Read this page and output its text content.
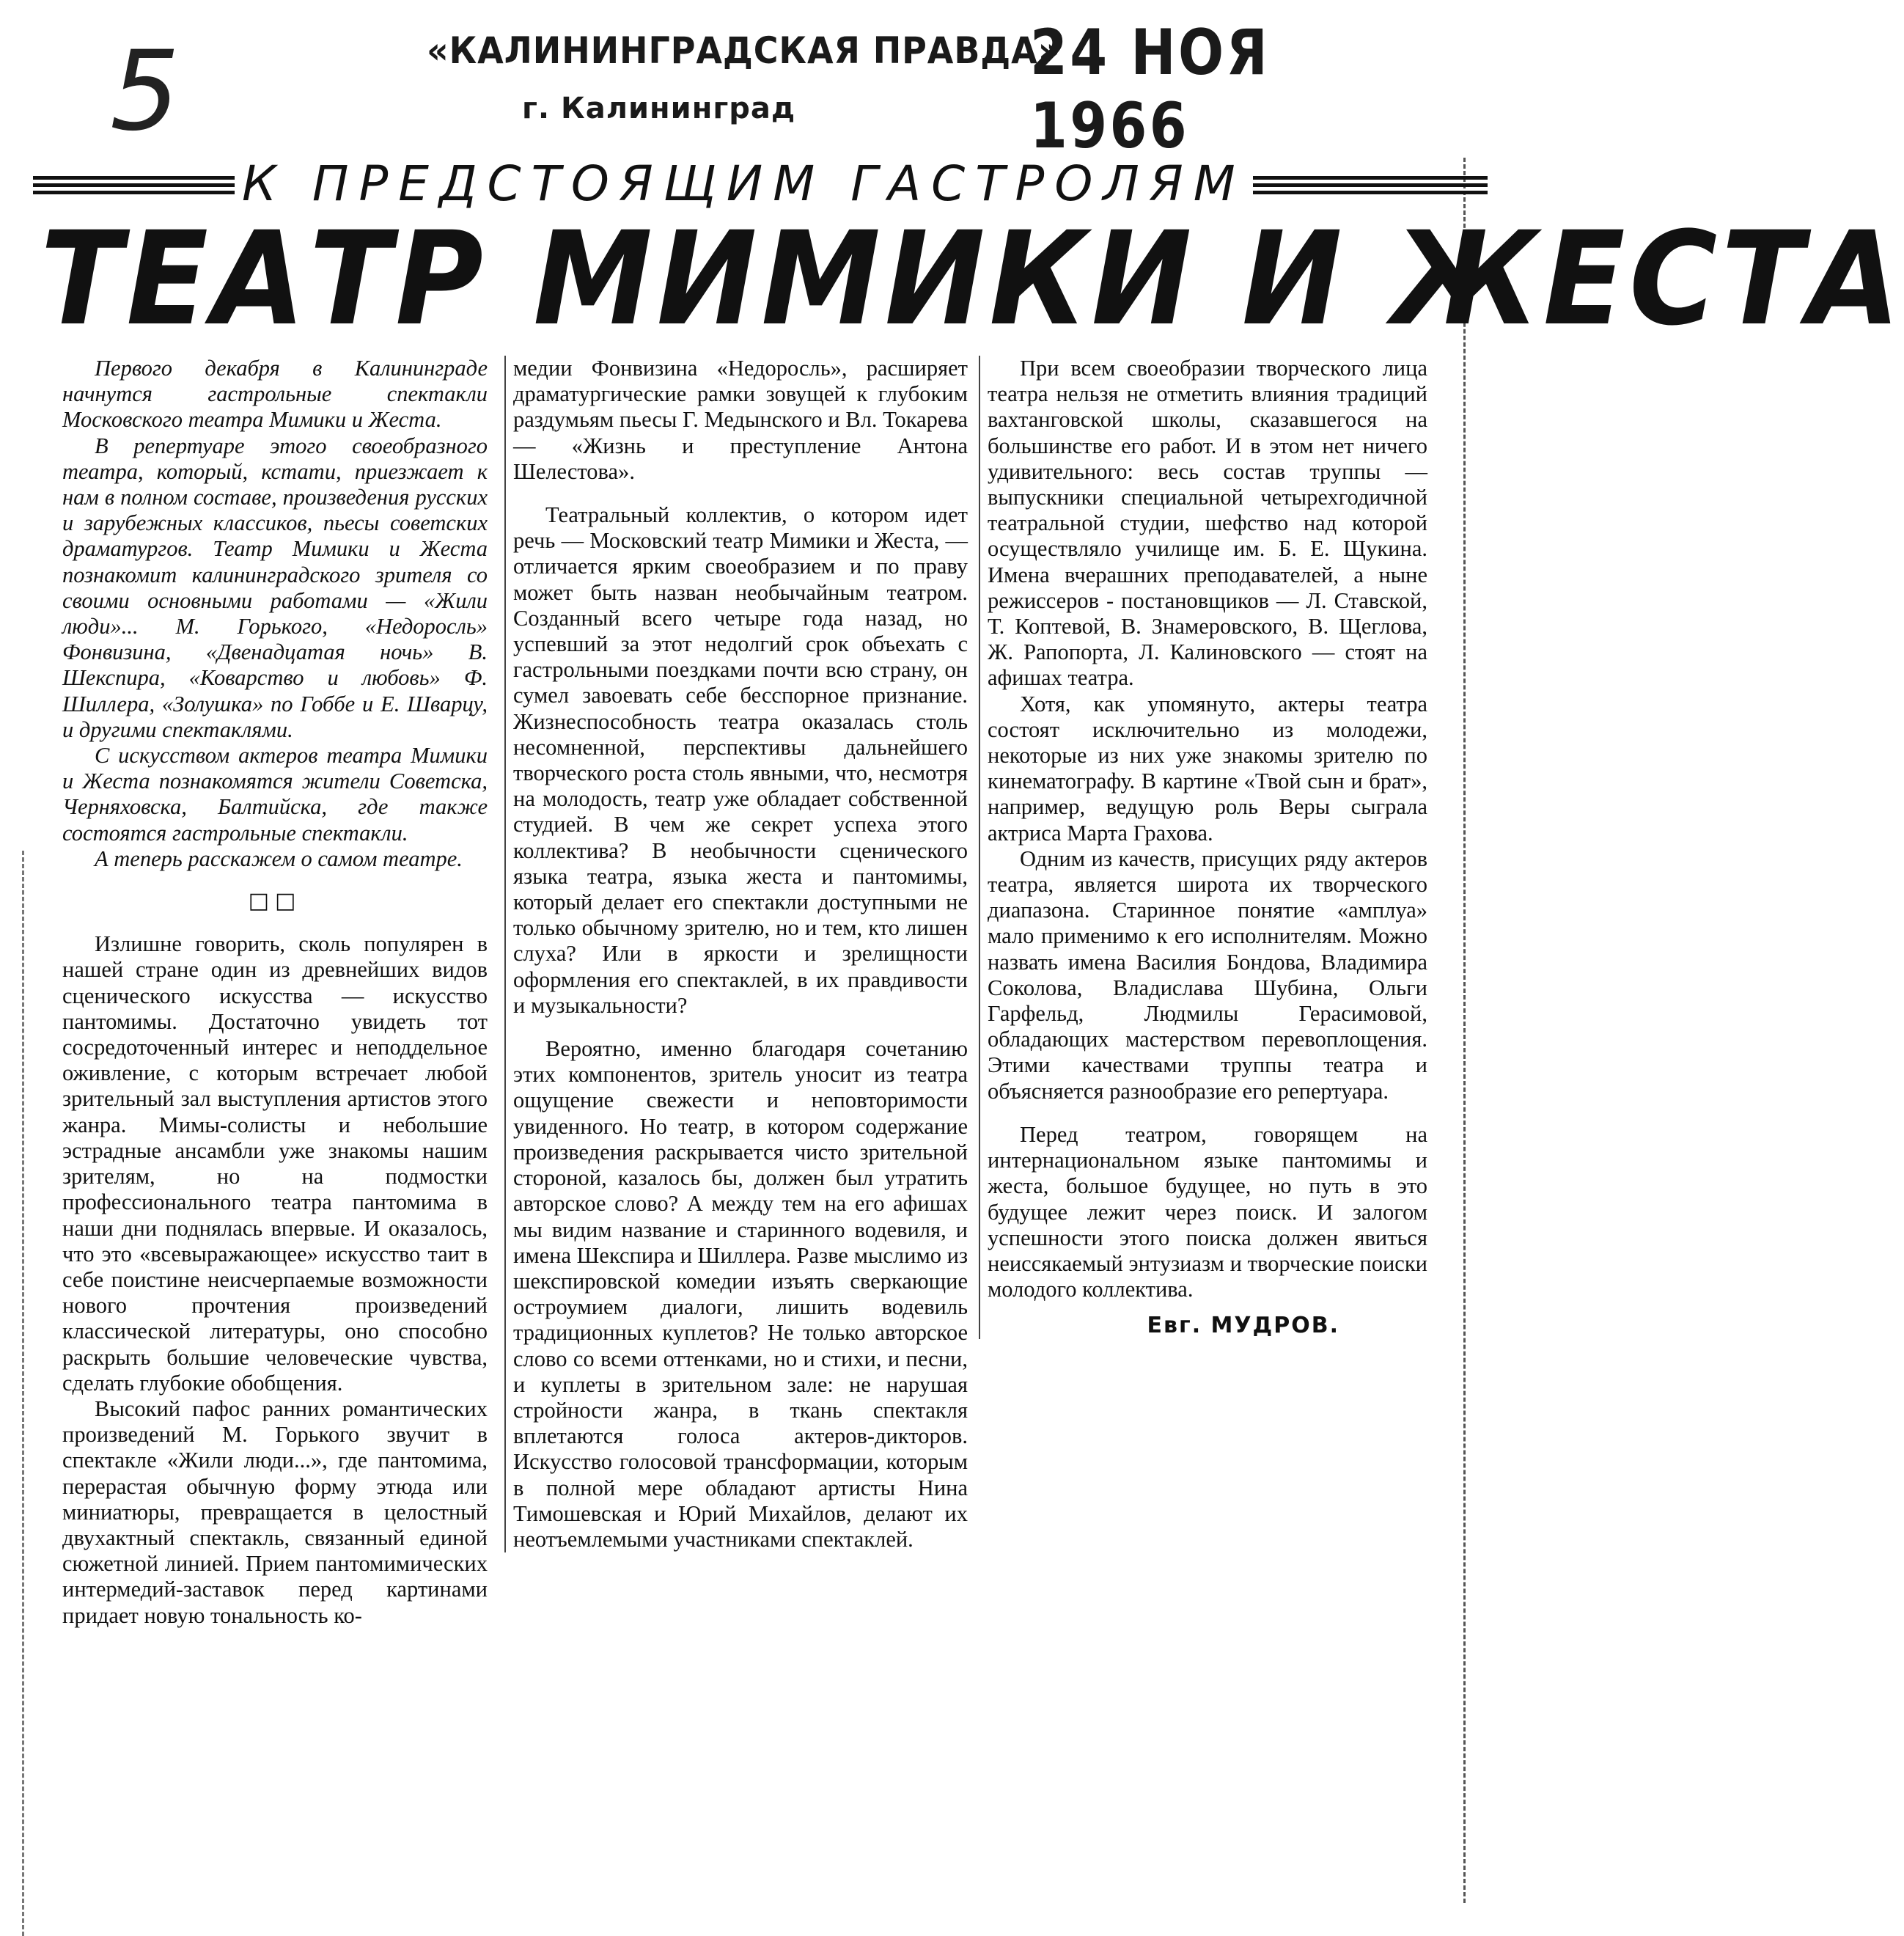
5	«КАЛИНИНГРАДСКАЯ ПРАВДА»
г. Калининград
24 НОЯ 1966
К ПРЕДСТОЯЩИМ ГАСТРОЛЯМ
ТЕАТР МИМИКИ И ЖЕСТА

Первого декабря в Калининграде начнутся гастрольные спектакли Московского театра Мимики и Жеста.

В репертуаре этого своеобразного театра, который, кстати, приезжает к нам в полном составе, произведения русских и зарубежных классиков, пьесы советских драматургов. Театр Мимики и Жеста познакомит калининградского зрителя со своими основными работами — «Жили люди»... М. Горького, «Недоросль» Фонвизина, «Двенадцатая ночь» В. Шекспира, «Коварство и любовь» Ф. Шиллера, «Золушка» по Гоббе и Е. Шварцу, и другими спектаклями.

С искусством актеров театра Мимики и Жеста познакомятся жители Советска, Черняховска, Балтийска, где также состоятся гастрольные спектакли.

А теперь расскажем о самом театре.

□□

Излишне говорить, сколь популярен в нашей стране один из древнейших видов сценического искусства — искусство пантомимы. Достаточно увидеть тот сосредоточенный интерес и неподдельное оживление, с которым встречает любой зрительный зал выступления артистов этого жанра. Мимы-солисты и небольшие эстрадные ансамбли уже знакомы нашим зрителям, но на подмостки профессионального театра пантомима в наши дни поднялась впервые. И оказалось, что это «всевыражающее» искусство таит в себе поистине неисчерпаемые возможности нового прочтения произведений классической литературы, оно способно раскрыть большие человеческие чувства, сделать глубокие обобщения.

Высокий пафос ранних романтических произведений М. Горького звучит в спектакле «Жили люди...», где пантомима, перерастая обычную форму этюда или миниатюры, превращается в целостный двухактный спектакль, связанный единой сюжетной линией. Прием пантомимических интермедий-заставок перед картинами придает новую тональность ко-

медии Фонвизина «Недоросль», расширяет драматургические рамки зовущей к глубоким раздумьям пьесы Г. Медынского и Вл. Токарева — «Жизнь и преступление Антона Шелестова».

Театральный коллектив, о котором идет речь — Московский театр Мимики и Жеста, — отличается ярким своеобразием и по праву может быть назван необычайным театром. Созданный всего четыре года назад, но успевший за этот недолгий срок объехать с гастрольными поездками почти всю страну, он сумел завоевать себе бесспорное признание. Жизнеспособность театра оказалась столь несомненной, перспективы дальнейшего творческого роста столь явными, что, несмотря на молодость, театр уже обладает собственной студией. В чем же секрет успеха этого коллектива? В необычности сценического языка театра, языка жеста и пантомимы, который делает его спектакли доступными не только обычному зрителю, но и тем, кто лишен слуха? Или в яркости и зрелищности оформления его спектаклей, в их правдивости и музыкальности?

Вероятно, именно благодаря сочетанию этих компонентов, зритель уносит из театра ощущение свежести и неповторимости увиденного. Но театр, в котором содержание произведения раскрывается чисто зрительной стороной, казалось бы, должен был утратить авторское слово? А между тем на его афишах мы видим название и старинного водевиля, и имена Шекспира и Шиллера. Разве мыслимо из шекспировской комедии изъять сверкающие остроумием диалоги, лишить водевиль традиционных куплетов? Не только авторское слово со всеми оттенками, но и стихи, и песни, и куплеты в зрительном зале: не нарушая стройности жанра, в ткань спектакля вплетаются голоса актеров-дикторов. Искусство голосовой трансформации, которым в полной мере обладают артисты Нина Тимошевская и Юрий Михайлов, делают их неотъемлемыми участниками спектаклей.

При всем своеобразии творческого лица театра нельзя не отметить влияния традиций вахтанговской школы, сказавшегося на большинстве его работ. И в этом нет ничего удивительного: весь состав труппы — выпускники специальной четырехгодичной театральной студии, шефство над которой осуществляло училище им. Б. Е. Щукина. Имена вчерашних преподавателей, а ныне режиссеров - постановщиков — Л. Ставской, Т. Коптевой, В. Знамеровского, В. Щеглова, Ж. Рапопорта, Л. Калиновского — стоят на афишах театра.

Хотя, как упомянуто, актеры театра состоят исключительно из молодежи, некоторые из них уже знакомы зрителю по кинематографу. В картине «Твой сын и брат», например, ведущую роль Веры сыграла актриса Марта Грахова.

Одним из качеств, присущих ряду актеров театра, является широта их творческого диапазона. Старинное понятие «амплуа» мало применимо к его исполнителям. Можно назвать имена Василия Бондова, Владимира Соколова, Владислава Шубина, Ольги Гарфельд, Людмилы Герасимовой, обладающих мастерством перевоплощения. Этими качествами труппы театра и объясняется разнообразие его репертуара.

Перед театром, говорящем на интернациональном языке пантомимы и жеста, большое будущее, но путь в это будущее лежит через поиск. И залогом успешности этого поиска должен явиться неиссякаемый энтузиазм и творческие поиски молодого коллектива.

Евг. МУДРОВ.
